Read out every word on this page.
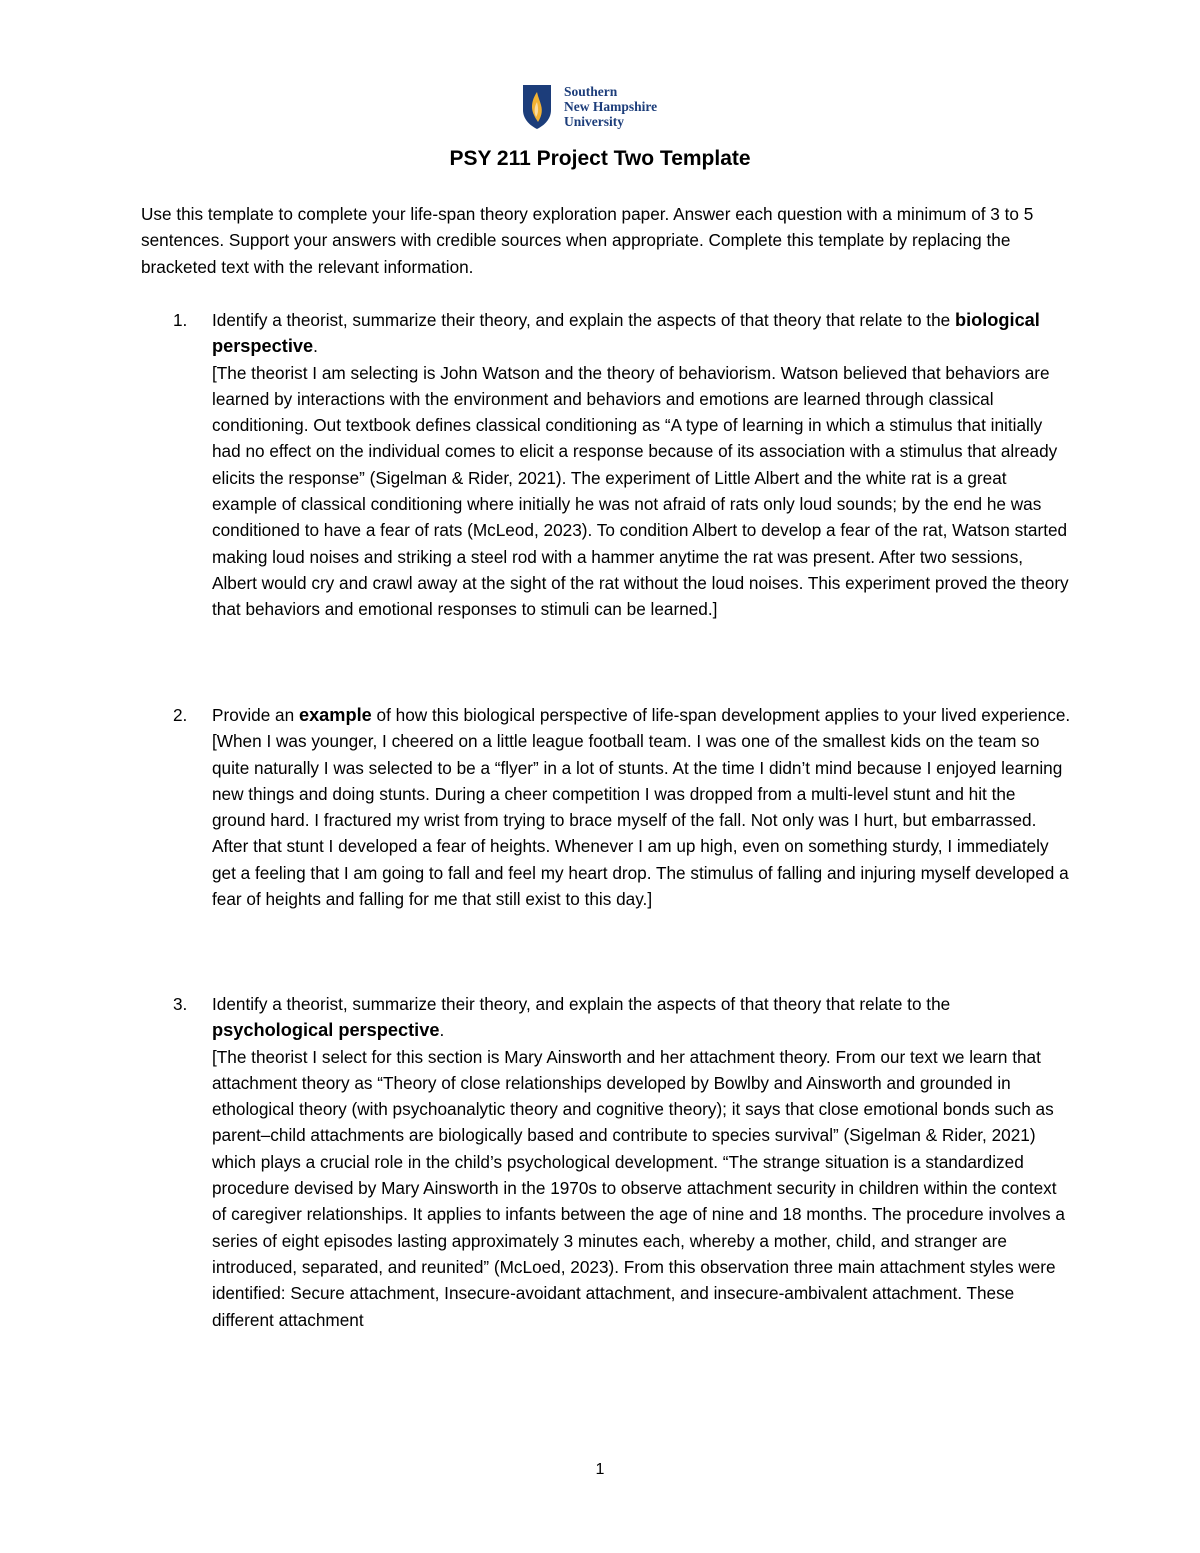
Southern
New Hampshire
University
PSY 211 Project Two Template
Use this template to complete your life-span theory exploration paper. Answer each question with a minimum of 3 to 5 sentences. Support your answers with credible sources when appropriate. Complete this template by replacing the bracketed text with the relevant information.
1. Identify a theorist, summarize their theory, and explain the aspects of that theory that relate to the biological perspective.
[The theorist I am selecting is John Watson and the theory of behaviorism. Watson believed that behaviors are learned by interactions with the environment and behaviors and emotions are learned through classical conditioning. Out textbook defines classical conditioning as “A type of learning in which a stimulus that initially had no effect on the individual comes to elicit a response because of its association with a stimulus that already elicits the response” (Sigelman & Rider, 2021). The experiment of Little Albert and the white rat is a great example of classical conditioning where initially he was not afraid of rats only loud sounds; by the end he was conditioned to have a fear of rats (McLeod, 2023). To condition Albert to develop a fear of the rat, Watson started making loud noises and striking a steel rod with a hammer anytime the rat was present. After two sessions, Albert would cry and crawl away at the sight of the rat without the loud noises. This experiment proved the theory that behaviors and emotional responses to stimuli can be learned.]
2. Provide an example of how this biological perspective of life-span development applies to your lived experience.
[When I was younger, I cheered on a little league football team. I was one of the smallest kids on the team so quite naturally I was selected to be a “flyer” in a lot of stunts. At the time I didn’t mind because I enjoyed learning new things and doing stunts. During a cheer competition I was dropped from a multi-level stunt and hit the ground hard. I fractured my wrist from trying to brace myself of the fall. Not only was I hurt, but embarrassed. After that stunt I developed a fear of heights. Whenever I am up high, even on something sturdy, I immediately get a feeling that I am going to fall and feel my heart drop. The stimulus of falling and injuring myself developed a fear of heights and falling for me that still exist to this day.]
3. Identify a theorist, summarize their theory, and explain the aspects of that theory that relate to the psychological perspective.
[The theorist I select for this section is Mary Ainsworth and her attachment theory. From our text we learn that attachment theory as “Theory of close relationships developed by Bowlby and Ainsworth and grounded in ethological theory (with psychoanalytic theory and cognitive theory); it says that close emotional bonds such as parent–child attachments are biologically based and contribute to species survival” (Sigelman & Rider, 2021) which plays a crucial role in the child’s psychological development. “The strange situation is a standardized procedure devised by Mary Ainsworth in the 1970s to observe attachment security in children within the context of caregiver relationships. It applies to infants between the age of nine and 18 months. The procedure involves a series of eight episodes lasting approximately 3 minutes each, whereby a mother, child, and stranger are introduced, separated, and reunited” (McLoed, 2023). From this observation three main attachment styles were identified: Secure attachment, Insecure-avoidant attachment, and insecure-ambivalent attachment. These different attachment
1
